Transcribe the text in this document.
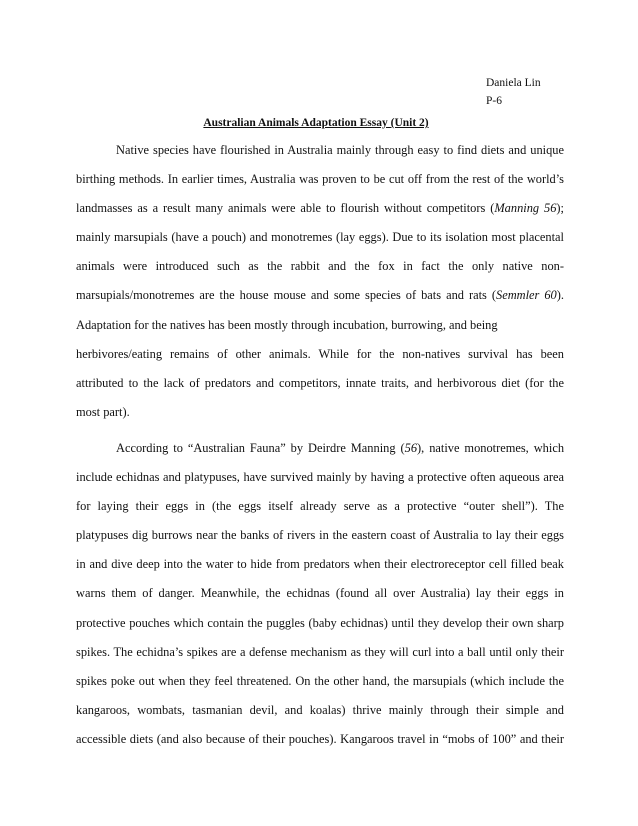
Daniela Lin
P-6
Australian Animals Adaptation Essay (Unit 2)
Native species have flourished in Australia mainly through easy to find diets and unique
birthing methods. In earlier times, Australia was proven to be cut off from the rest of the world’s
landmasses as a result many animals were able to flourish without competitors (Manning 56);
mainly marsupials (have a pouch) and monotremes (lay eggs). Due to its isolation most placental
animals were introduced such as the rabbit and the fox in fact the only native non-
marsupials/monotremes are the house mouse and some species of bats and rats (Semmler 60).
Adaptation for the natives has been mostly through incubation, burrowing, and being
herbivores/eating remains of other animals. While for the non-natives survival has been
attributed to the lack of predators and competitors, innate traits, and herbivorous diet (for the
most part).
According to “Australian Fauna” by Deirdre Manning (56), native monotremes, which
include echidnas and platypuses, have survived mainly by having a protective often aqueous area
for laying their eggs in (the eggs itself already serve as a protective “outer shell”). The
platypuses dig burrows near the banks of rivers in the eastern coast of Australia to lay their eggs
in and dive deep into the water to hide from predators when their electroreceptor cell filled beak
warns them of danger. Meanwhile, the echidnas (found all over Australia) lay their eggs in
protective pouches which contain the puggles (baby echidnas) until they develop their own sharp
spikes. The echidna’s spikes are a defense mechanism as they will curl into a ball until only their
spikes poke out when they feel threatened. On the other hand, the marsupials (which include the
kangaroos, wombats, tasmanian devil, and koalas) thrive mainly through their simple and
accessible diets (and also because of their pouches). Kangaroos travel in “mobs of 100” and their
